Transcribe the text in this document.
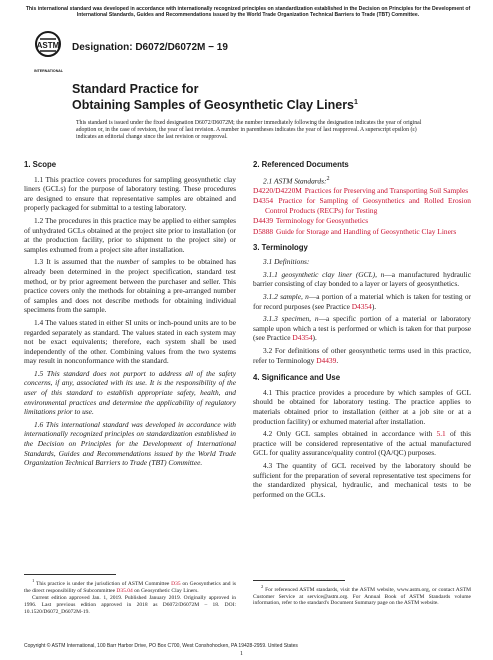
This international standard was developed in accordance with internationally recognized principles on standardization established in the Decision on Principles for the Development of International Standards, Guides and Recommendations issued by the World Trade Organization Technical Barriers to Trade (TBT) Committee.
ASTM
INTERNATIONAL
Designation: D6072/D6072M − 19
Standard Practice for
Obtaining Samples of Geosynthetic Clay Liners$^1$
This standard is issued under the fixed designation D6072/D6072M; the number immediately following the designation indicates the year of original adoption or, in the case of revision, the year of last revision. A number in parentheses indicates the year of last reapproval. A superscript epsilon (ε) indicates an editorial change since the last revision or reapproval.
1. Scope

1.1 This practice covers procedures for sampling geosynthetic clay liners (GCLs) for the purpose of laboratory testing. These procedures are designed to ensure that representative samples are obtained and properly packaged for submittal to a testing laboratory.

1.2 The procedures in this practice may be applied to either samples of unhydrated GCLs obtained at the project site prior to installation (or at the production facility, prior to shipment to the project site) or samples exhumed from a project site after installation.

1.3 It is assumed that the number of samples to be obtained has already been determined in the project specification, standard test method, or by prior agreement between the purchaser and seller. This practice covers only the methods for obtaining a pre-arranged number of samples and does not describe methods for obtaining individual specimens from the sample.

1.4 The values stated in either SI units or inch-pound units are to be regarded separately as standard. The values stated in each system may not be exact equivalents; therefore, each system shall be used independently of the other. Combining values from the two systems may result in nonconformance with the standard.

1.5 This standard does not purport to address all of the safety concerns, if any, associated with its use. It is the responsibility of the user of this standard to establish appropriate safety, health, and environmental practices and determine the applicability of regulatory limitations prior to use.

1.6 This international standard was developed in accordance with internationally recognized principles on standardization established in the Decision on Principles for the Development of International Standards, Guides and Recommendations issued by the World Trade Organization Technical Barriers to Trade (TBT) Committee.

$^1$ This practice is under the jurisdiction of ASTM Committee D35 on Geosynthetics and is the direct responsibility of Subcommittee D35.04 on Geosynthetic Clay Liners.

Current edition approved Jan. 1, 2019. Published January 2019. Originally approved in 1996. Last previous edition approved in 2018 as D6072/D6072M – 18. DOI: 10.1520/D6072_D6072M-19.

2. Referenced Documents
2.1 ASTM Standards:$^2$
D4220/D4220M Practices for Preserving and Transporting Soil Samples
D4354 Practice for Sampling of Geosynthetics and Rolled Erosion Control Products (RECPs) for Testing
D4439 Terminology for Geosynthetics
D5888 Guide for Storage and Handling of Geosynthetic Clay Liners
3. Terminology

3.1 Definitions:

3.1.1 geosynthetic clay liner (GCL), n—a manufactured hydraulic barrier consisting of clay bonded to a layer or layers of geosynthetics.

3.1.2 sample, n—a portion of a material which is taken for testing or for record purposes (see Practice D4354).

3.1.3 specimen, n—a specific portion of a material or laboratory sample upon which a test is performed or which is taken for that purpose (see Practice D4354).

3.2 For definitions of other geosynthetic terms used in this practice, refer to Terminology D4439.

4. Significance and Use

4.1 This practice provides a procedure by which samples of GCL should be obtained for laboratory testing. The practice applies to materials obtained prior to installation (either at a job site or at a production facility) or exhumed material after installation.

4.2 Only GCL samples obtained in accordance with 5.1 of this practice will be considered representative of the actual manufactured GCL for quality assurance/quality control (QA/QC) purposes.

4.3 The quantity of GCL received by the laboratory should be sufficient for the preparation of several representative test specimens for the standardized physical, hydraulic, and mechanical tests to be performed on the GCLs.

$^2$ For referenced ASTM standards, visit the ASTM website, www.astm.org, or contact ASTM Customer Service at service@astm.org. For Annual Book of ASTM Standards volume information, refer to the standard's Document Summary page on the ASTM website.

Copyright © ASTM International, 100 Barr Harbor Drive, PO Box C700, West Conshohocken, PA 19428-2959. United States
1
